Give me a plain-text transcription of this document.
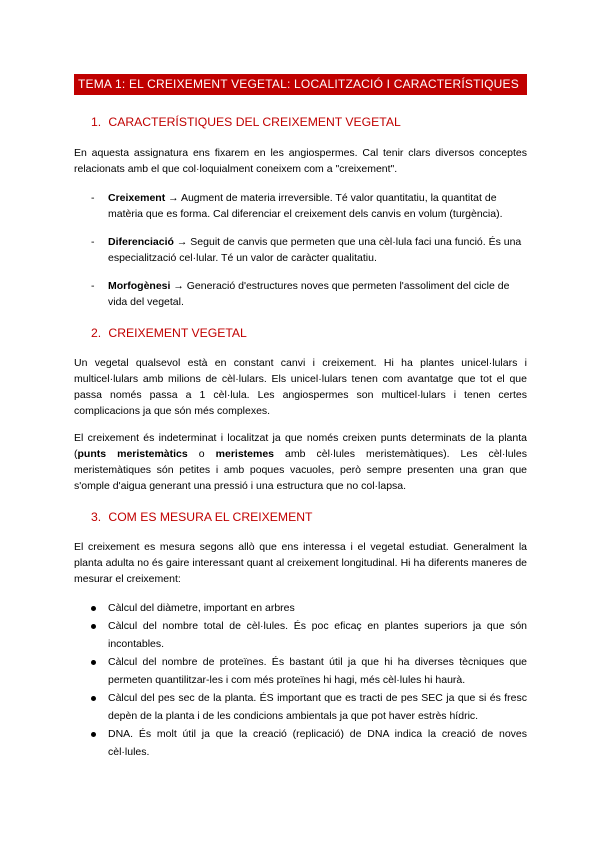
TEMA 1: EL CREIXEMENT VEGETAL: LOCALITZACIÓ I CARACTERÍSTIQUES
1. CARACTERÍSTIQUES DEL CREIXEMENT VEGETAL

En aquesta assignatura ens fixarem en les angiospermes. Cal tenir clars diversos conceptes relacionats amb el que col·loquialment coneixem com a "creixement".

- Creixement → Augment de materia irreversible. Té valor quantitatiu, la quantitat de matèria que es forma. Cal diferenciar el creixement dels canvis en volum (turgència).
- Diferenciació → Seguit de canvis que permeten que una cèl·lula faci una funció. És una especialització cel·lular. Té un valor de caràcter qualitatiu.
- Morfogènesi → Generació d'estructures noves que permeten l'assoliment del cicle de vida del vegetal.
2. CREIXEMENT VEGETAL

Un vegetal qualsevol està en constant canvi i creixement. Hi ha plantes unicel·lulars i multicel·lulars amb milions de cèl·lulars. Els unicel·lulars tenen com avantatge que tot el que passa només passa a 1 cèl·lula. Les angiospermes son multicel·lulars i tenen certes complicacions ja que són més complexes.

El creixement és indeterminat i localitzat ja que només creixen punts determinats de la planta (punts meristemàtics o meristemes amb cèl·lules meristemàtiques). Les cèl·lules meristemàtiques són petites i amb poques vacuoles, però sempre presenten una gran que s'omple d'aigua generant una pressió i una estructura que no col·lapsa.

3. COM ES MESURA EL CREIXEMENT

El creixement es mesura segons allò que ens interessa i el vegetal estudiat. Generalment la planta adulta no és gaire interessant quant al creixement longitudinal. Hi ha diferents maneres de mesurar el creixement:

Càlcul del diàmetre, important en arbres
Càlcul del nombre total de cèl·lules. És poc eficaç en plantes superiors ja que són incontables.
Càlcul del nombre de proteïnes. És bastant útil ja que hi ha diverses tècniques que permeten quantilitzar-les i com més proteïnes hi hagi, més cèl·lules hi haurà.
Càlcul del pes sec de la planta. ÉS important que es tracti de pes SEC ja que si és fresc depèn de la planta i de les condicions ambientals ja que pot haver estrès hídric.
DNA. És molt útil ja que la creació (replicació) de DNA indica la creació de noves cèl·lules.
